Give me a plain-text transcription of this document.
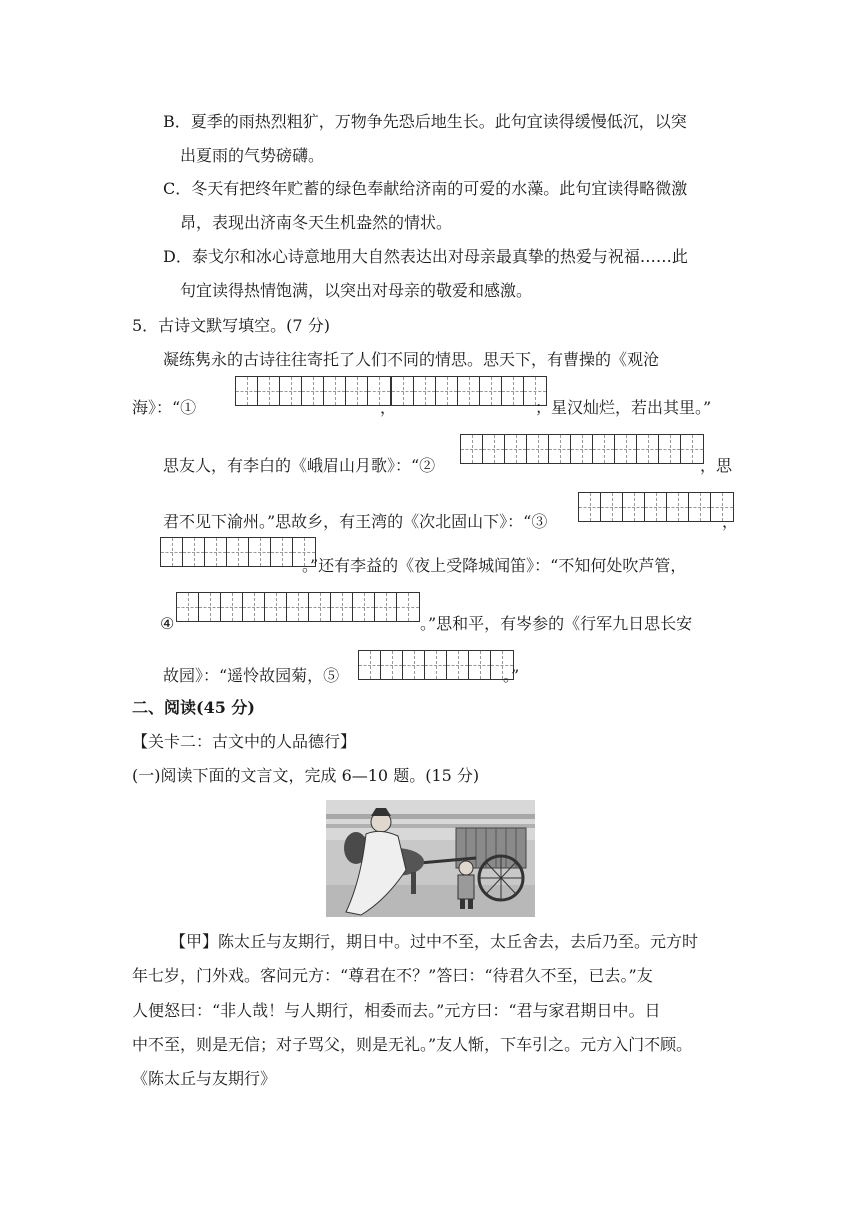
B．夏季的雨热烈粗犷，万物争先恐后地生长。此句宜读得缓慢低沉，以突
出夏雨的气势磅礴。
C．冬天有把终年贮蓄的绿色奉献给济南的可爱的水藻。此句宜读得略微激
昂，表现出济南冬天生机盎然的情状。
D．泰戈尔和冰心诗意地用大自然表达出对母亲最真挚的热爱与祝福……此
句宜读得热情饱满，以突出对母亲的敬爱和感激。
5．古诗文默写填空。(7 分)
凝练隽永的古诗往往寄托了人们不同的情思。思天下，有曹操的《观沧
海》：“①	，	；星汉灿烂，若出其里。”
思友人，有李白的《峨眉山月歌》：“②	，思
君不见下渝州。”思故乡，有王湾的《次北固山下》：“③	，
。”还有李益的《夜上受降城闻笛》：“不知何处吹芦管，
④	。”思和平，有岑参的《行军九日思长安
故园》：“遥怜故园菊，⑤	。”
二、阅读(45 分)
【关卡二：古文中的人品德行】
(一)阅读下面的文言文，完成 6—10 题。(15 分)
【甲】陈太丘与友期行，期日中。过中不至，太丘舍去，去后乃至。元方时
年七岁，门外戏。客问元方：“尊君在不？”答曰：“待君久不至，已去。”友
人便怒曰：“非人哉！与人期行，相委而去。”元方曰：“君与家君期日中。日
中不至，则是无信；对子骂父，则是无礼。”友人惭，下车引之。元方入门不顾。
《陈太丘与友期行》
